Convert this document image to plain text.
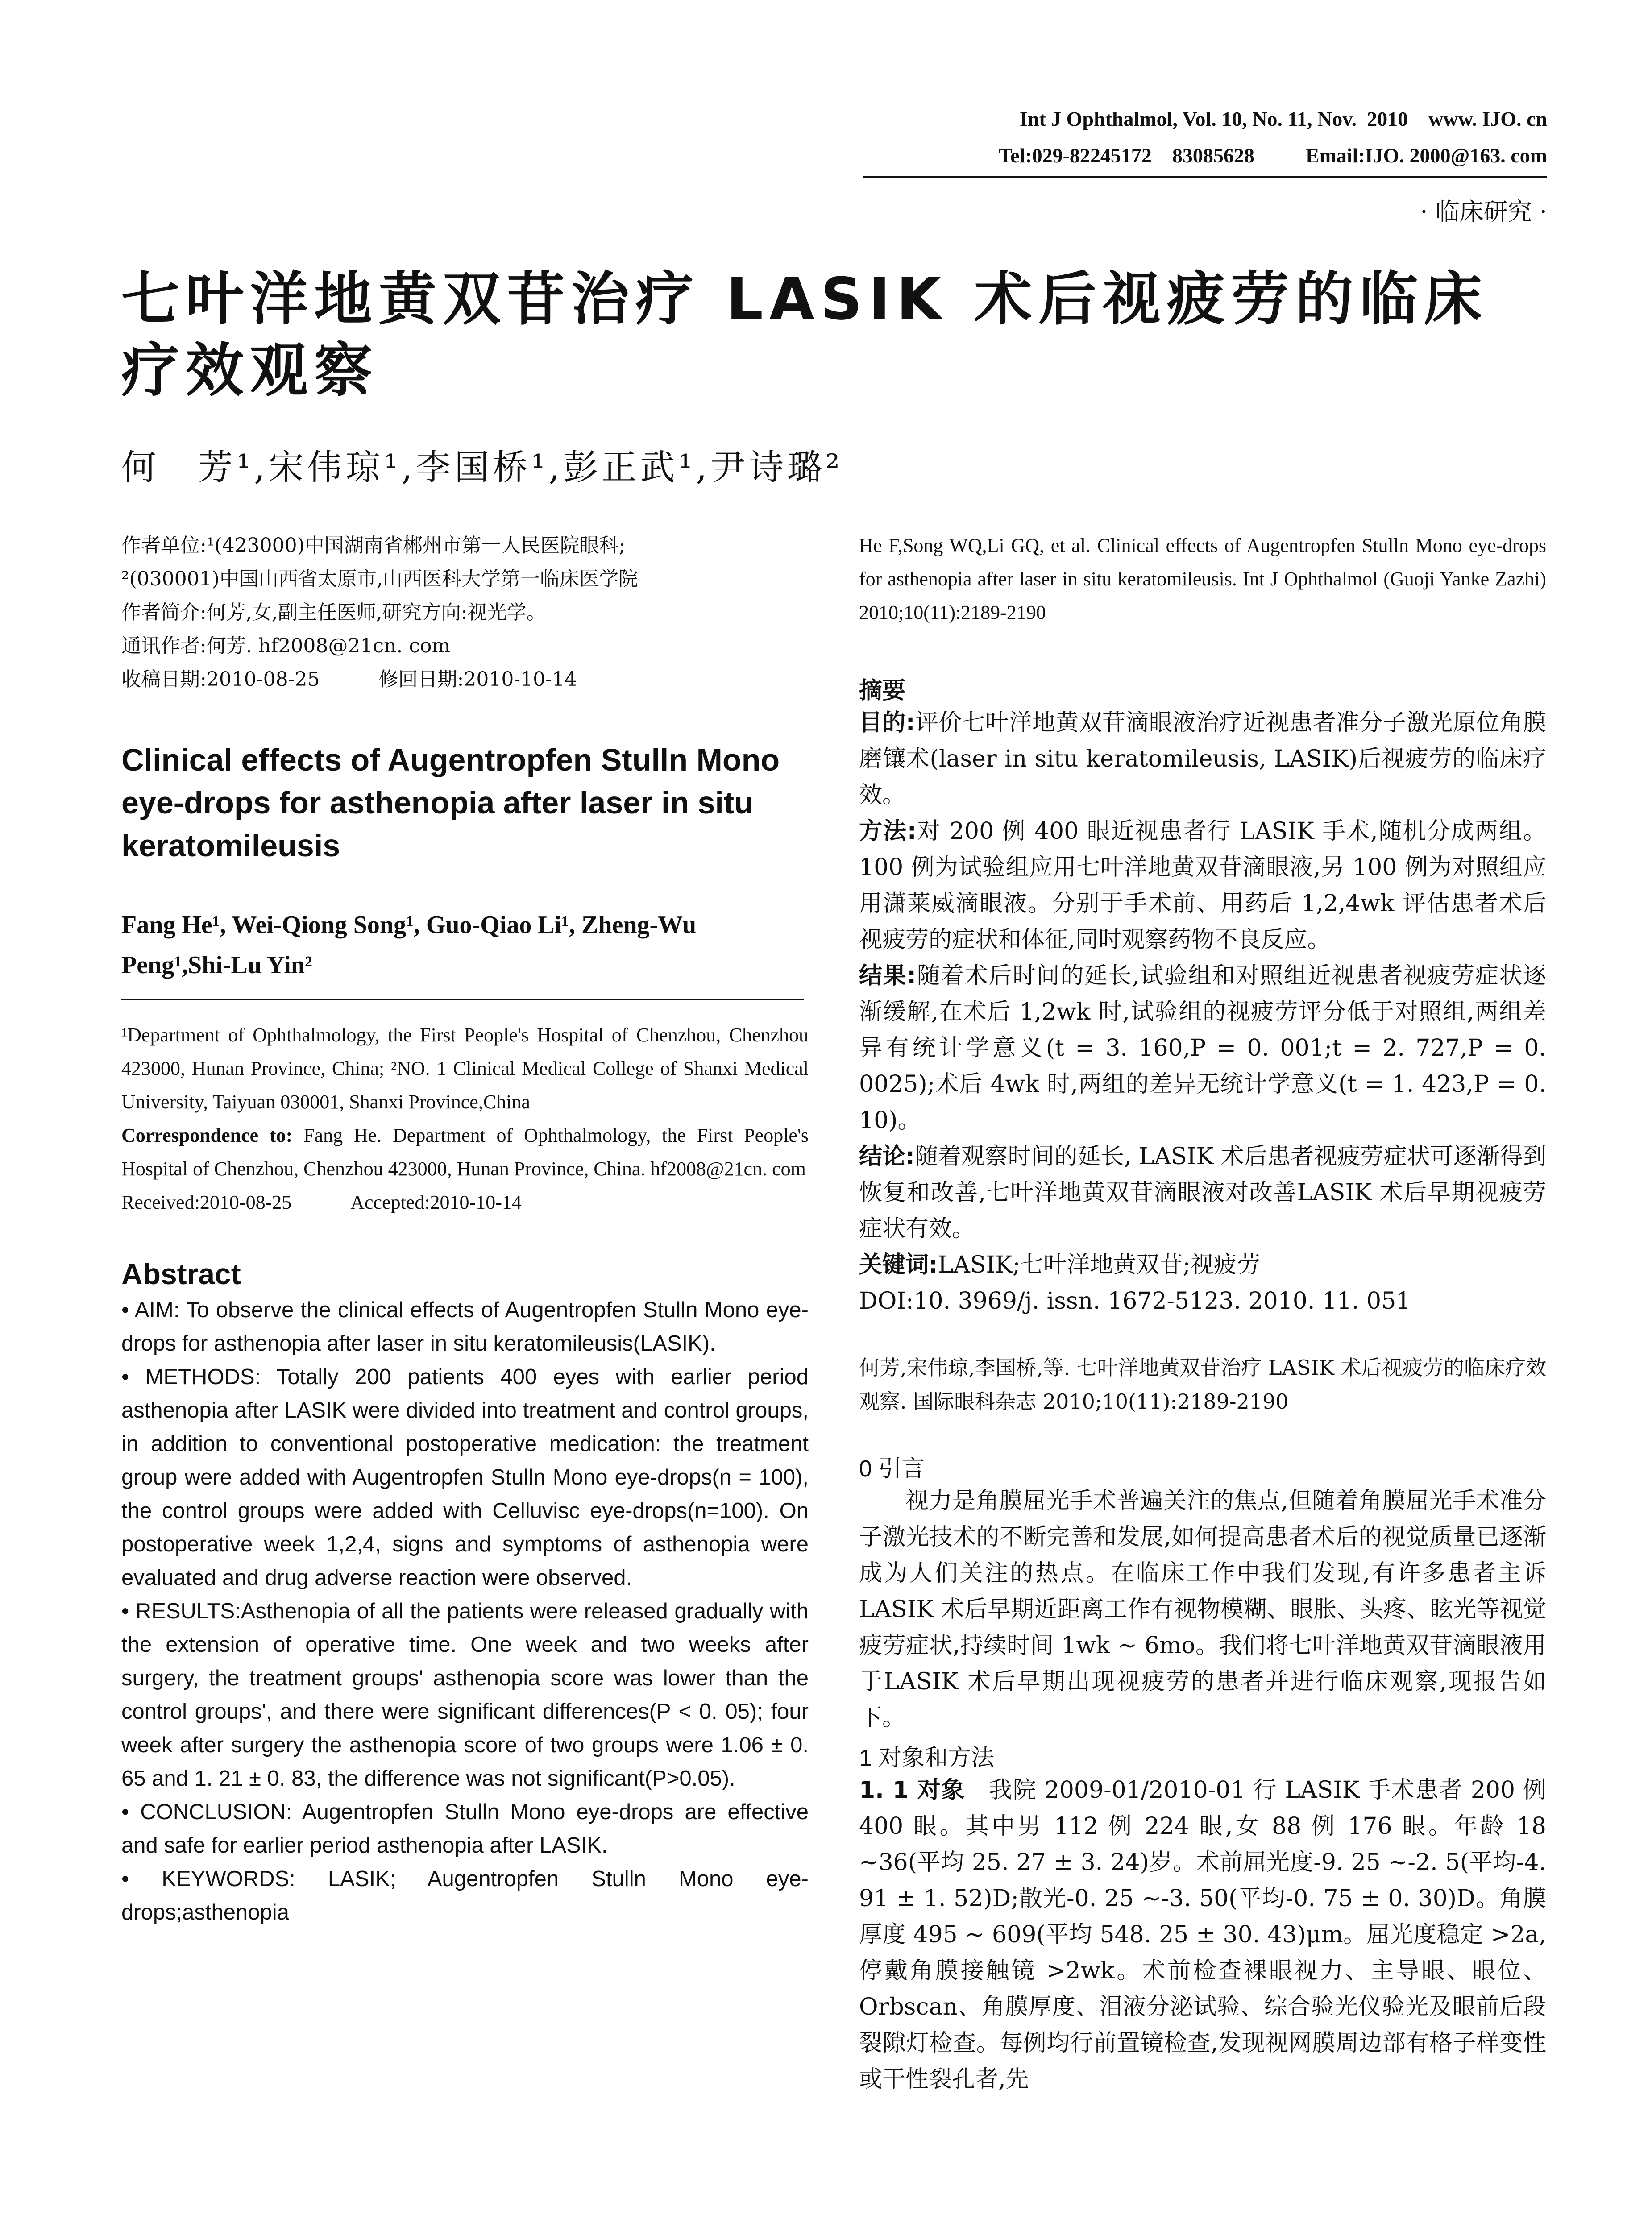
Int J Ophthalmol, Vol. 10, No. 11, Nov.  2010    www. IJO. cn
Tel:029-82245172    83085628          Email:IJO. 2000@163. com
· 临床研究 ·
七叶洋地黄双苷治疗 LASIK 术后视疲劳的临床疗效观察
何　芳¹,宋伟琼¹,李国桥¹,彭正武¹,尹诗璐²

作者单位:¹(423000)中国湖南省郴州市第一人民医院眼科;

²(030001)中国山西省太原市,山西医科大学第一临床医学院

作者简介:何芳,女,副主任医师,研究方向:视光学。

通讯作者:何芳. hf2008@21cn. com

收稿日期:2010-08-25　　　修回日期:2010-10-14

Clinical effects of Augentropfen Stulln Mono eye-drops for asthenopia after laser in situ keratomileusis
Fang He¹, Wei-Qiong Song¹, Guo-Qiao Li¹, Zheng-Wu Peng¹,Shi-Lu Yin²
¹Department of Ophthalmology, the First People's Hospital of Chenzhou, Chenzhou 423000, Hunan Province, China; ²NO. 1 Clinical Medical College of Shanxi Medical University, Taiyuan 030001, Shanxi Province,China
Correspondence to: Fang He. Department of Ophthalmology, the First People's Hospital of Chenzhou, Chenzhou 423000, Hunan Province, China. hf2008@21cn. com
Received:2010-08-25　　　Accepted:2010-10-14
Abstract

• AIM: To observe the clinical effects of Augentropfen Stulln Mono eye-drops for asthenopia after laser in situ keratomileusis(LASIK).

• METHODS: Totally 200 patients 400 eyes with earlier period asthenopia after LASIK were divided into treatment and control groups, in addition to conventional postoperative medication: the treatment group were added with Augentropfen Stulln Mono eye-drops(n = 100), the control groups were added with Celluvisc eye-drops(n=100). On postoperative week 1,2,4, signs and symptoms of asthenopia were evaluated and drug adverse reaction were observed.

• RESULTS:Asthenopia of all the patients were released gradually with the extension of operative time. One week and two weeks after surgery, the treatment groups' asthenopia score was lower than the control groups', and there were significant differences(P < 0. 05); four week after surgery the asthenopia score of two groups were 1.06 ± 0. 65 and 1. 21 ± 0. 83, the difference was not significant(P>0.05).

• CONCLUSION: Augentropfen Stulln Mono eye-drops are effective and safe for earlier period asthenopia after LASIK.

• KEYWORDS: LASIK; Augentropfen Stulln Mono eye-drops;asthenopia

He F,Song WQ,Li GQ, et al. Clinical effects of Augentropfen Stulln Mono eye-drops for asthenopia after laser in situ keratomileusis. Int J Ophthalmol (Guoji Yanke Zazhi) 2010;10(11):2189-2190
摘要

目的:评价七叶洋地黄双苷滴眼液治疗近视患者准分子激光原位角膜磨镶术(laser in situ keratomileusis, LASIK)后视疲劳的临床疗效。

方法:对 200 例 400 眼近视患者行 LASIK 手术,随机分成两组。100 例为试验组应用七叶洋地黄双苷滴眼液,另 100 例为对照组应用潇莱威滴眼液。分别于手术前、用药后 1,2,4wk 评估患者术后视疲劳的症状和体征,同时观察药物不良反应。

结果:随着术后时间的延长,试验组和对照组近视患者视疲劳症状逐渐缓解,在术后 1,2wk 时,试验组的视疲劳评分低于对照组,两组差异有统计学意义(t = 3. 160,P = 0. 001;t = 2. 727,P = 0. 0025);术后 4wk 时,两组的差异无统计学意义(t = 1. 423,P = 0. 10)。

结论:随着观察时间的延长, LASIK 术后患者视疲劳症状可逐渐得到恢复和改善,七叶洋地黄双苷滴眼液对改善LASIK 术后早期视疲劳症状有效。

关键词:LASIK;七叶洋地黄双苷;视疲劳

DOI:10. 3969/j. issn. 1672-5123. 2010. 11. 051

何芳,宋伟琼,李国桥,等. 七叶洋地黄双苷治疗 LASIK 术后视疲劳的临床疗效观察. 国际眼科杂志 2010;10(11):2189-2190
0 引言
视力是角膜屈光手术普遍关注的焦点,但随着角膜屈光手术准分子激光技术的不断完善和发展,如何提高患者术后的视觉质量已逐渐成为人们关注的热点。在临床工作中我们发现,有许多患者主诉 LASIK 术后早期近距离工作有视物模糊、眼胀、头疼、眩光等视觉疲劳症状,持续时间 1wk ~ 6mo。我们将七叶洋地黄双苷滴眼液用于LASIK 术后早期出现视疲劳的患者并进行临床观察,现报告如下。
1 对象和方法
1. 1 对象　我院 2009-01/2010-01 行 LASIK 手术患者 200 例 400 眼。其中男 112 例 224 眼,女 88 例 176 眼。年龄 18 ~36(平均 25. 27 ± 3. 24)岁。术前屈光度-9. 25 ~-2. 5(平均-4. 91 ± 1. 52)D;散光-0. 25 ~-3. 50(平均-0. 75 ± 0. 30)D。角膜厚度 495 ~ 609(平均 548. 25 ± 30. 43)μm。屈光度稳定 >2a,停戴角膜接触镜 >2wk。术前检查裸眼视力、主导眼、眼位、Orbscan、角膜厚度、泪液分泌试验、综合验光仪验光及眼前后段裂隙灯检查。每例均行前置镜检查,发现视网膜周边部有格子样变性或干性裂孔者,先
